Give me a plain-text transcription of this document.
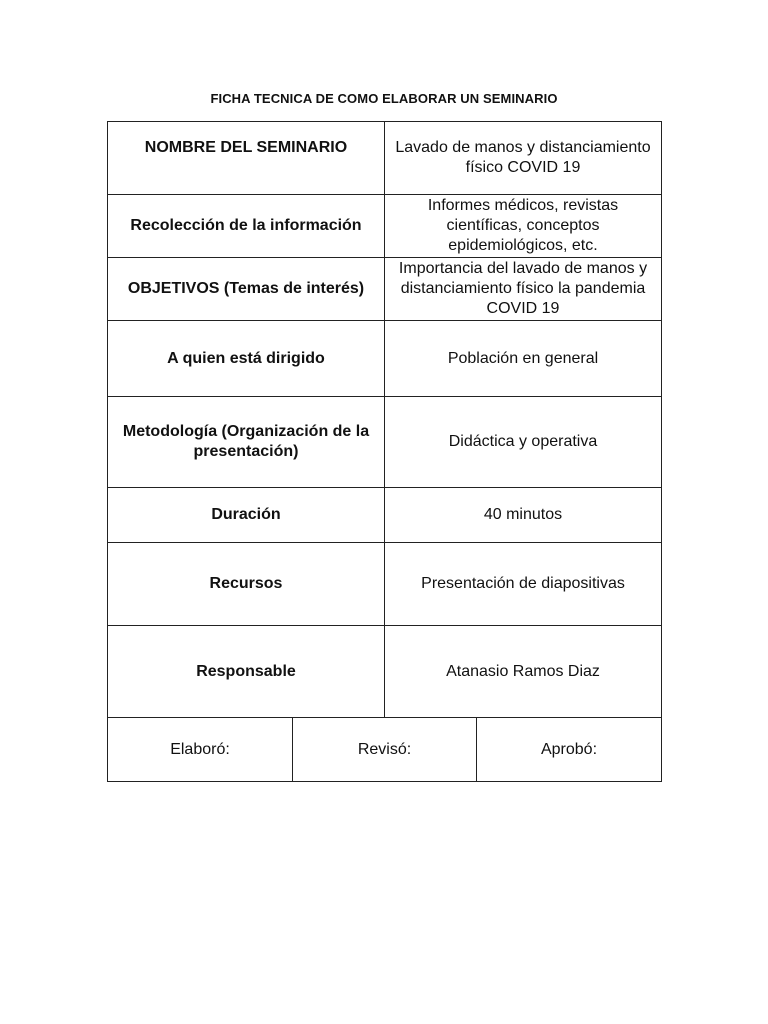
FICHA TECNICA DE COMO ELABORAR UN SEMINARIO
NOMBRE DEL SEMINARIO		Lavado de manos y distanciamiento físico COVID 19	
Recolección de la información		Informes médicos, revistas científicas, conceptos epidemiológicos, etc.	
OBJETIVOS (Temas de interés)		Importancia del lavado de manos y distanciamiento físico la pandemia COVID 19	
A quien está dirigido		Población en general	
Metodología (Organización de la presentación)		Didáctica y operativa	
Duración		40 minutos	
Recursos		Presentación de diapositivas	
Responsable		Atanasio Ramos Diaz	
Elaboró:	Revisó:		Aprobó:
